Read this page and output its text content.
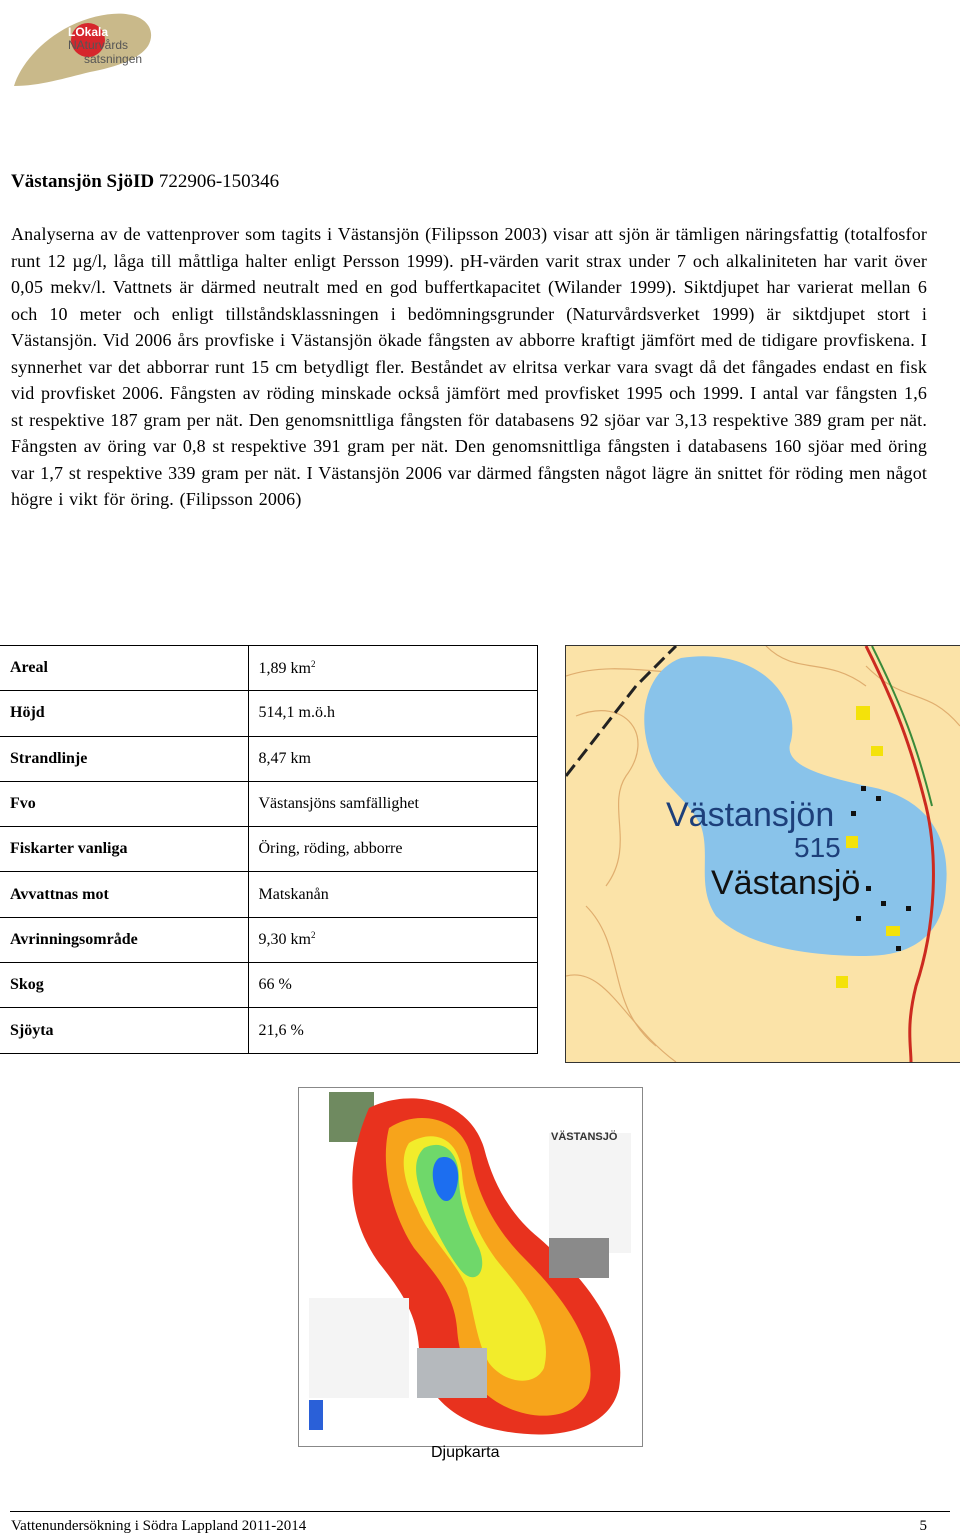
LOkala
NAturvårds
satsningen
Västansjön SjöID 722906-150346
Analyserna av de vattenprover som tagits i Västansjön (Filipsson 2003) visar att sjön är tämligen näringsfattig (totalfosfor runt 12 µg/l, låga till måttliga halter enligt Persson 1999). pH-värden varit strax under 7 och alkaliniteten har varit över 0,05 mekv/l. Vattnets är därmed neutralt med en god buffertkapacitet (Wilander 1999). Siktdjupet har varierat mellan 6 och 10 meter och enligt tillståndsklassningen i bedömningsgrunder (Naturvårdsverket 1999) är siktdjupet stort i Västansjön. Vid 2006 års provfiske i Västansjön ökade fångsten av abborre kraftigt jämfört med de tidigare provfiskena. I synnerhet var det abborrar runt 15 cm betydligt fler. Beståndet av elritsa verkar vara svagt då det fångades endast en fisk vid provfisket 2006. Fångsten av röding minskade också jämfört med provfisket 1995 och 1999. I antal var fångsten 1,6 st respektive 187 gram per nät. Den genomsnittliga fångsten för databasens 92 sjöar var 3,13 respektive 389 gram per nät. Fångsten av öring var 0,8 st respektive 391 gram per nät. Den genomsnittliga fångsten i databasens 160 sjöar med öring var 1,7 st respektive 339 gram per nät. I Västansjön 2006 var därmed fångsten något lägre än snittet för röding men något högre i vikt för öring. (Filipsson 2006)
Areal	1,89 $km^2$
Höjd	514,1 m.ö.h
Strandlinje	8,47 km
Fvo	Västansjöns samfällighet
Fiskarter vanliga	Öring, röding, abborre
Avvattnas mot	Matskanån
Avrinningsområde	9,30 $km^2$
Skog	66 %
Sjöyta	21,6 %
Västansjön
515
Västansjö
VÄSTANSJÖ
Djupkarta
Vattenundersökning i Södra Lappland 2011-2014	5
